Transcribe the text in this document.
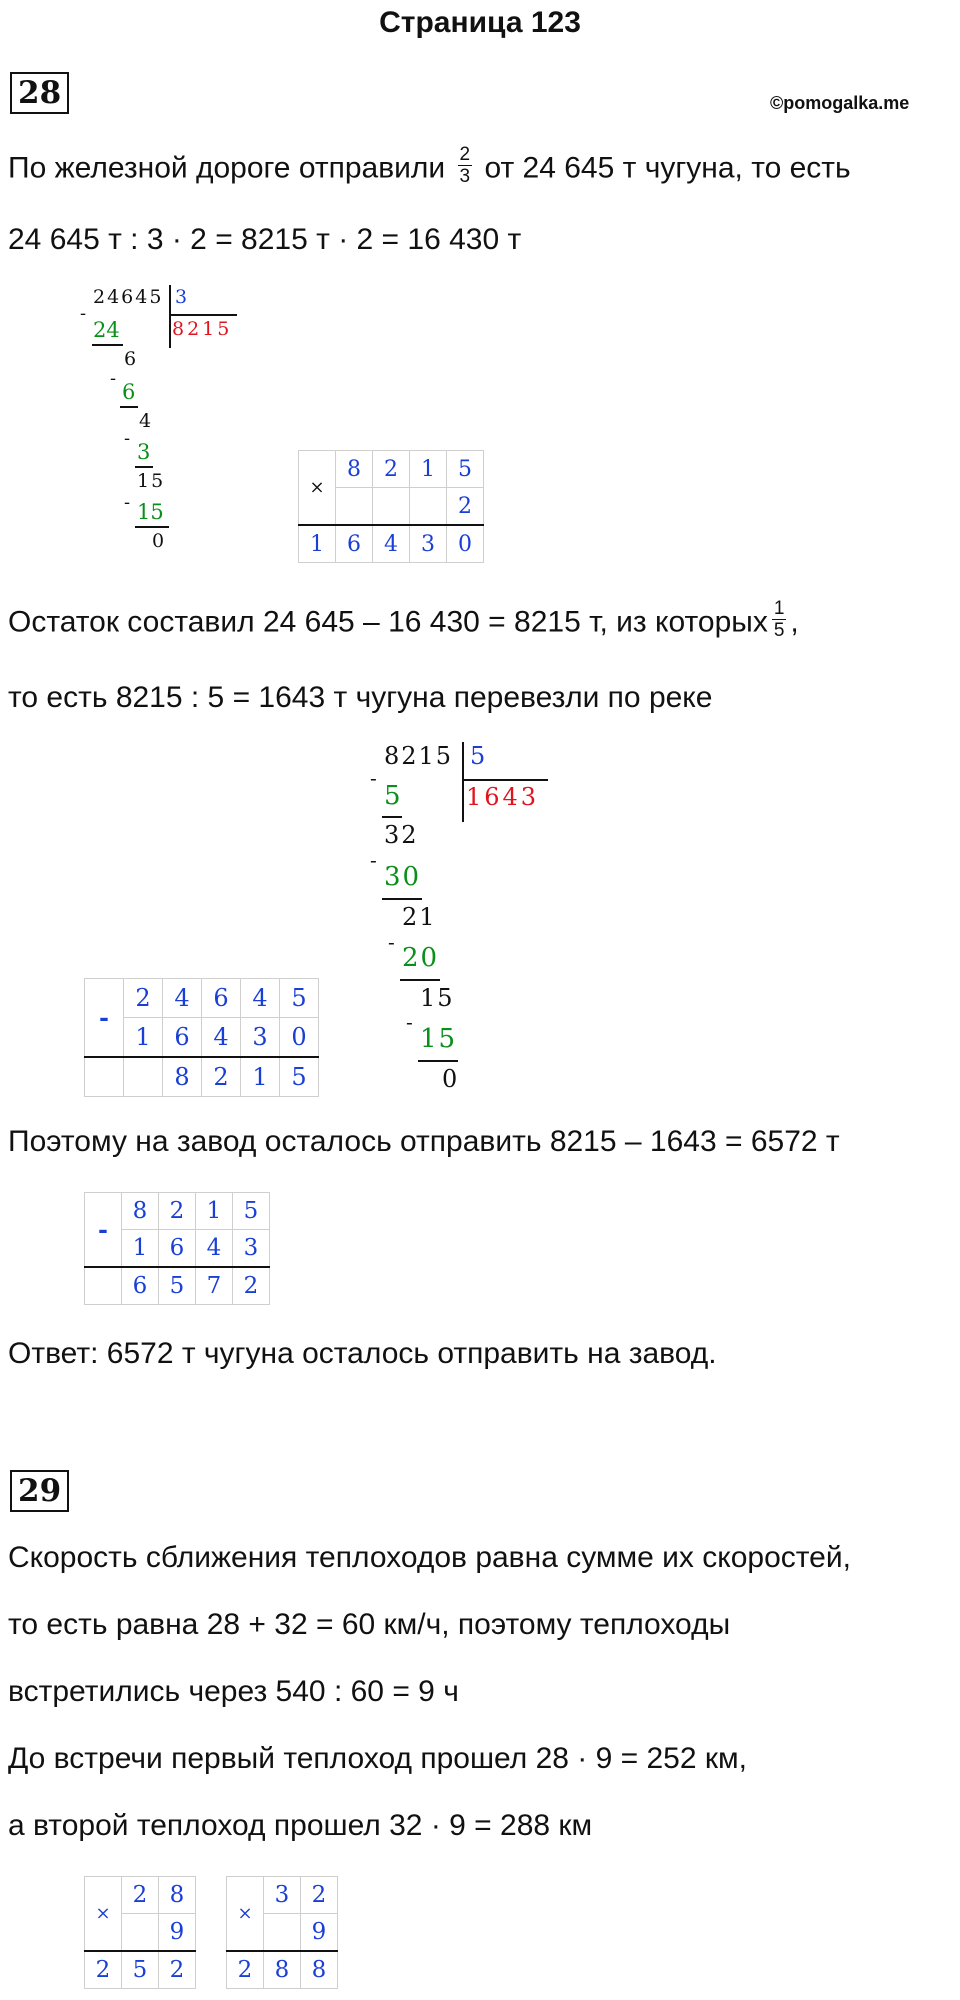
Страница 123
28	©pomogalka.me
По железной дороге отправили $\frac{2}{3}$ от 24 645 т чугуна, то есть
24 645 т : 3 · 2 = 8215 т · 2 = 16 430 т
24645 3
8215
-
24
6
-
6
4
-
3
15
- 15
0
×	8	2	1	5
				2
1	6	4	3	0
Остаток составил 24 645 – 16 430 = 8215 т, из которых $\frac{1}{5}$ ,
то есть 8215 : 5 = 1643 т чугуна перевезли по реке
8215 5
1643
-
5
32
-
30
21
-
20
15
-
15
0
-	2	4	6	4	5
	1	6	4	3	0
		8	2	1	5
Поэтому на завод осталось отправить 8215 – 1643 = 6572 т
-	8	2	1	5
	1	6	4	3
	6	5	7	2
Ответ: 6572 т чугуна осталось отправить на завод.
29
Скорость сближения теплоходов равна сумме их скоростей,
то есть равна 28 + 32 = 60 км/ч, поэтому теплоходы
встретились через 540 : 60 = 9 ч
До встречи первый теплоход прошел 28 · 9 = 252 км,
а второй теплоход прошел 32 · 9 = 288 км
×	2	8
		9
2	5	2
×	3	2
		9
2	8	8
